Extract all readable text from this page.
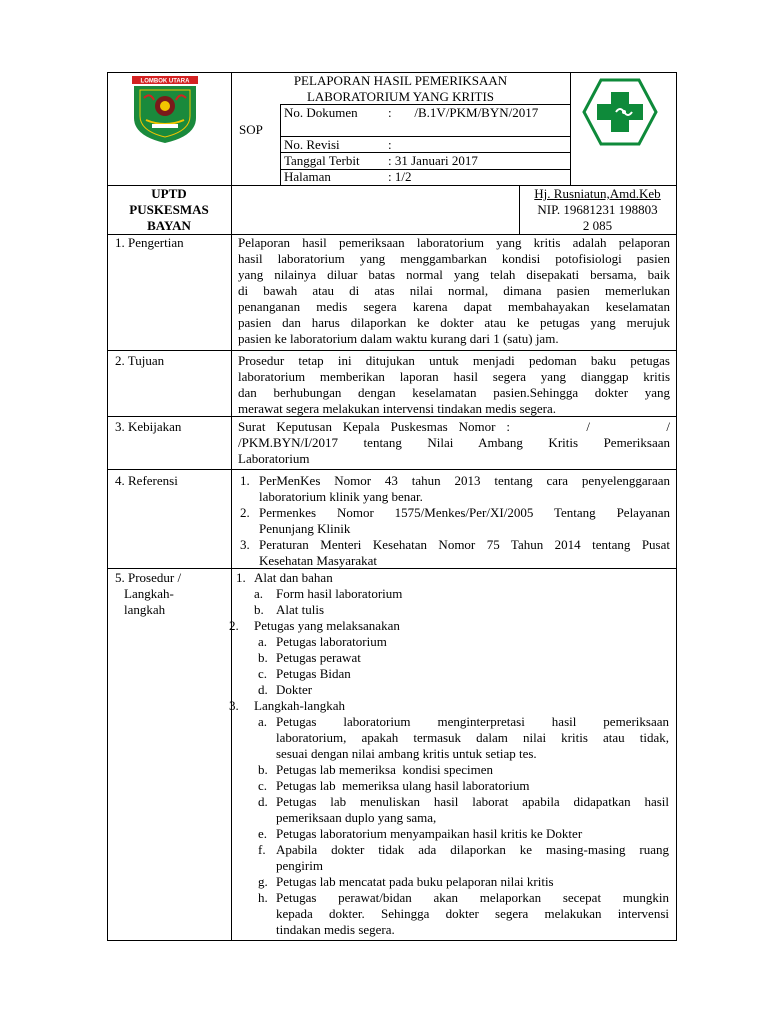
LOMBOK UTARA	PELAPORAN HASIL PEMERIKSAAN
LABORATORIUM YANG KRITIS
SOP
No. Dokumen :       /B.1V/PKM/BYN/2017
No. Revisi	:
Tanggal Terbit : 31 Januari 2017
Halaman	: 1/2
UPTD
PUSKESMAS
BAYAN
Hj. Rusniatun,Amd.Keb
NIP. 19681231 198803
2 085
1. Pengertian	Pelaporan hasil pemeriksaan laboratorium yang kritis adalah pelaporan
hasil laboratorium yang menggambarkan kondisi potofisiologi pasien
yang nilainya diluar batas normal yang telah disepakati bersama, baik
di bawah atau di atas nilai normal, dimana pasien memerlukan
penanganan medis segera karena dapat membahayakan keselamatan
pasien dan harus dilaporkan ke dokter atau ke petugas yang merujuk
pasien ke laboratorium dalam waktu kurang dari 1 (satu) jam.
2. Tujuan	Prosedur tetap ini ditujukan untuk menjadi pedoman baku petugas
laboratorium memberikan laporan hasil segera yang dianggap kritis
dan berhubungan dengan keselamatan pasien.Sehingga dokter yang
merawat segera melakukan intervensi tindakan medis segera.
3. Kebijakan	Surat Keputusan Kepala Puskesmas Nomor :       /       /
/PKM.BYN/I/2017 tentang Nilai Ambang Kritis Pemeriksaan
Laboratorium
4. Referensi	1. PerMenKes Nomor 43 tahun 2013 tentang cara penyelenggaraan
laboratorium klinik yang benar.
2. Permenkes Nomor 1575/Menkes/Per/XI/2005 Tentang Pelayanan
Penunjang Klinik
3. Peraturan Menteri Kesehatan Nomor 75 Tahun 2014 tentang Pusat
Kesehatan Masyarakat
5. Prosedur /
Langkah-
langkah
1. Alat dan bahan
a. Form hasil laboratorium
b. Alat tulis
2. Petugas yang melaksanakan
a. Petugas laboratorium
b. Petugas perawat
c. Petugas Bidan
d. Dokter
3. Langkah-langkah
a. Petugas laboratorium menginterpretasi hasil pemeriksaan
laboratorium, apakah termasuk dalam nilai kritis atau tidak,
sesuai dengan nilai ambang kritis untuk setiap tes.
b. Petugas lab memeriksa  kondisi specimen
c. Petugas lab  memeriksa ulang hasil laboratorium
d. Petugas lab menuliskan hasil laborat apabila didapatkan hasil
pemeriksaan duplo yang sama,
e. Petugas laboratorium menyampaikan hasil kritis ke Dokter
f. Apabila dokter tidak ada dilaporkan ke masing-masing ruang
pengirim
g. Petugas lab mencatat pada buku pelaporan nilai kritis
h. Petugas perawat/bidan akan melaporkan secepat mungkin
kepada dokter. Sehingga dokter segera melakukan intervensi
tindakan medis segera.
